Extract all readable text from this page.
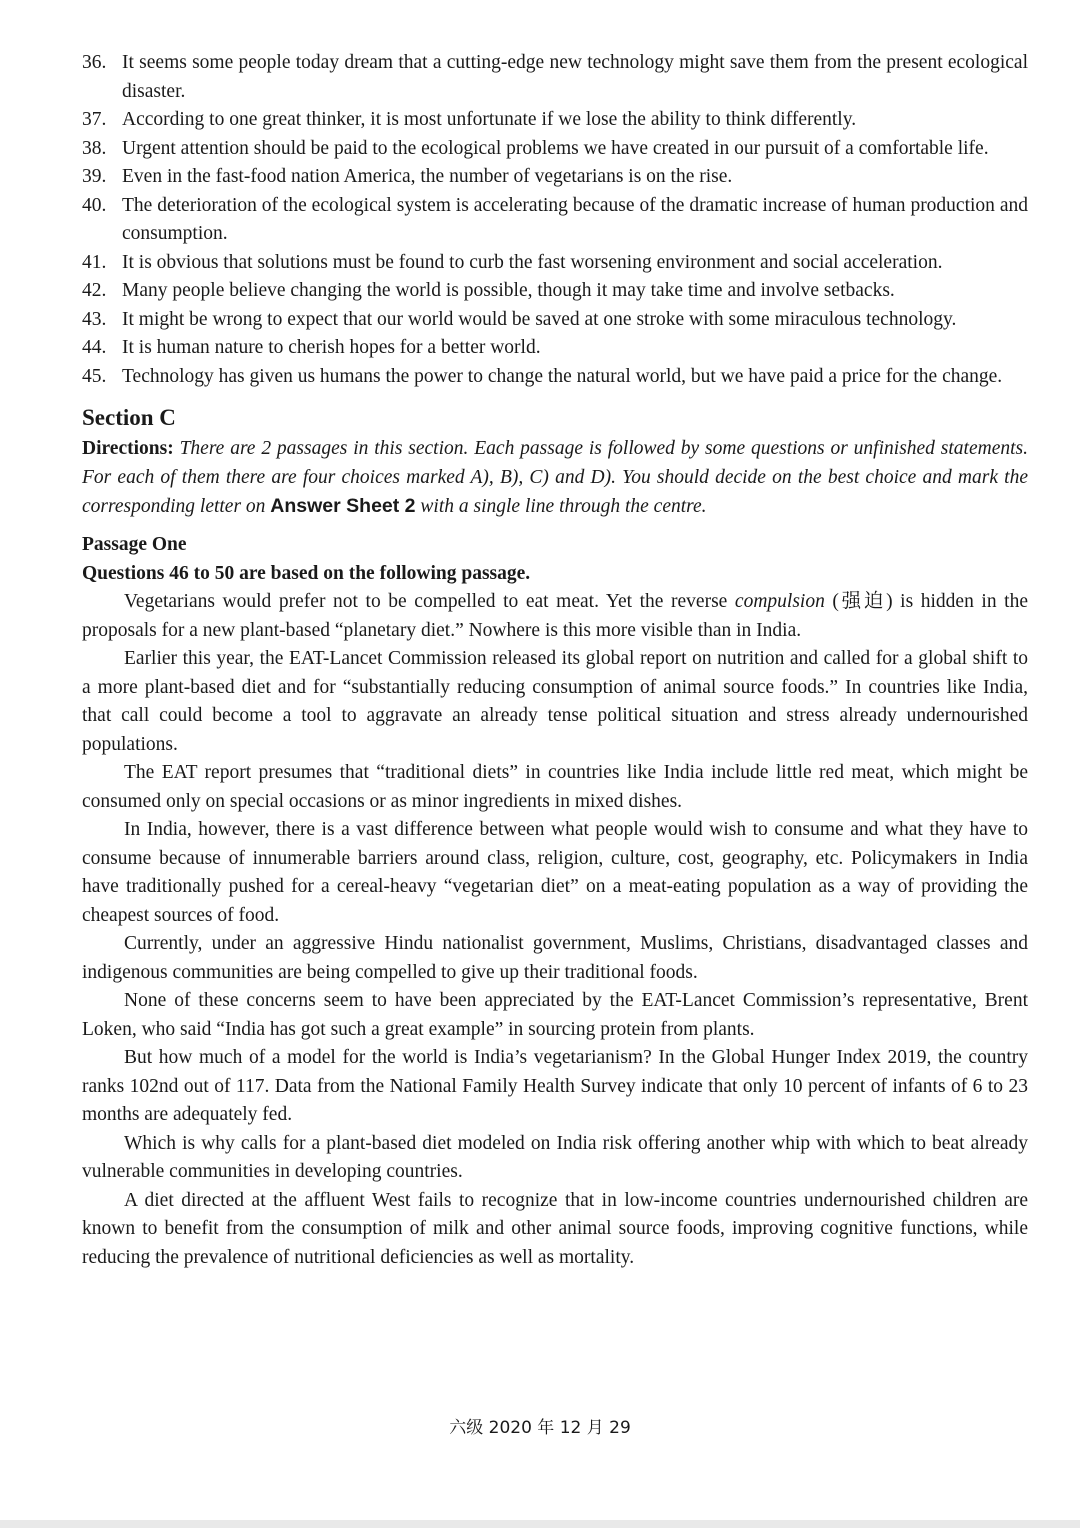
36. It seems some people today dream that a cutting-edge new technology might save them from the present ecological disaster.
37. According to one great thinker, it is most unfortunate if we lose the ability to think differently.
38. Urgent attention should be paid to the ecological problems we have created in our pursuit of a comfortable life.
39. Even in the fast-food nation America, the number of vegetarians is on the rise.
40. The deterioration of the ecological system is accelerating because of the dramatic increase of human production and consumption.
41. It is obvious that solutions must be found to curb the fast worsening environment and social acceleration.
42. Many people believe changing the world is possible, though it may take time and involve setbacks.
43. It might be wrong to expect that our world would be saved at one stroke with some miraculous technology.
44. It is human nature to cherish hopes for a better world.
45. Technology has given us humans the power to change the natural world, but we have paid a price for the change.
Section C
Directions: There are 2 passages in this section. Each passage is followed by some questions or unfinished statements. For each of them there are four choices marked A), B), C) and D). You should decide on the best choice and mark the corresponding letter on Answer Sheet 2 with a single line through the centre.
Passage One
Questions 46 to 50 are based on the following passage.
Vegetarians would prefer not to be compelled to eat meat. Yet the reverse compulsion (强迫) is hidden in the proposals for a new plant-based “planetary diet.” Nowhere is this more visible than in India.
Earlier this year, the EAT-Lancet Commission released its global report on nutrition and called for a global shift to a more plant-based diet and for “substantially reducing consumption of animal source foods.” In countries like India, that call could become a tool to aggravate an already tense political situation and stress already undernourished populations.
The EAT report presumes that “traditional diets” in countries like India include little red meat, which might be consumed only on special occasions or as minor ingredients in mixed dishes.
In India, however, there is a vast difference between what people would wish to consume and what they have to consume because of innumerable barriers around class, religion, culture, cost, geography, etc. Policymakers in India have traditionally pushed for a cereal-heavy “vegetarian diet” on a meat-eating population as a way of providing the cheapest sources of food.
Currently, under an aggressive Hindu nationalist government, Muslims, Christians, disadvantaged classes and indigenous communities are being compelled to give up their traditional foods.
None of these concerns seem to have been appreciated by the EAT-Lancet Commission’s representative, Brent Loken, who said “India has got such a great example” in sourcing protein from plants.
But how much of a model for the world is India’s vegetarianism? In the Global Hunger Index 2019, the country ranks 102nd out of 117. Data from the National Family Health Survey indicate that only 10 percent of infants of 6 to 23 months are adequately fed.
Which is why calls for a plant-based diet modeled on India risk offering another whip with which to beat already vulnerable communities in developing countries.
A diet directed at the affluent West fails to recognize that in low-income countries undernourished children are known to benefit from the consumption of milk and other animal source foods, improving cognitive functions, while reducing the prevalence of nutritional deficiencies as well as mortality.
六级 2020 年 12 月 29
